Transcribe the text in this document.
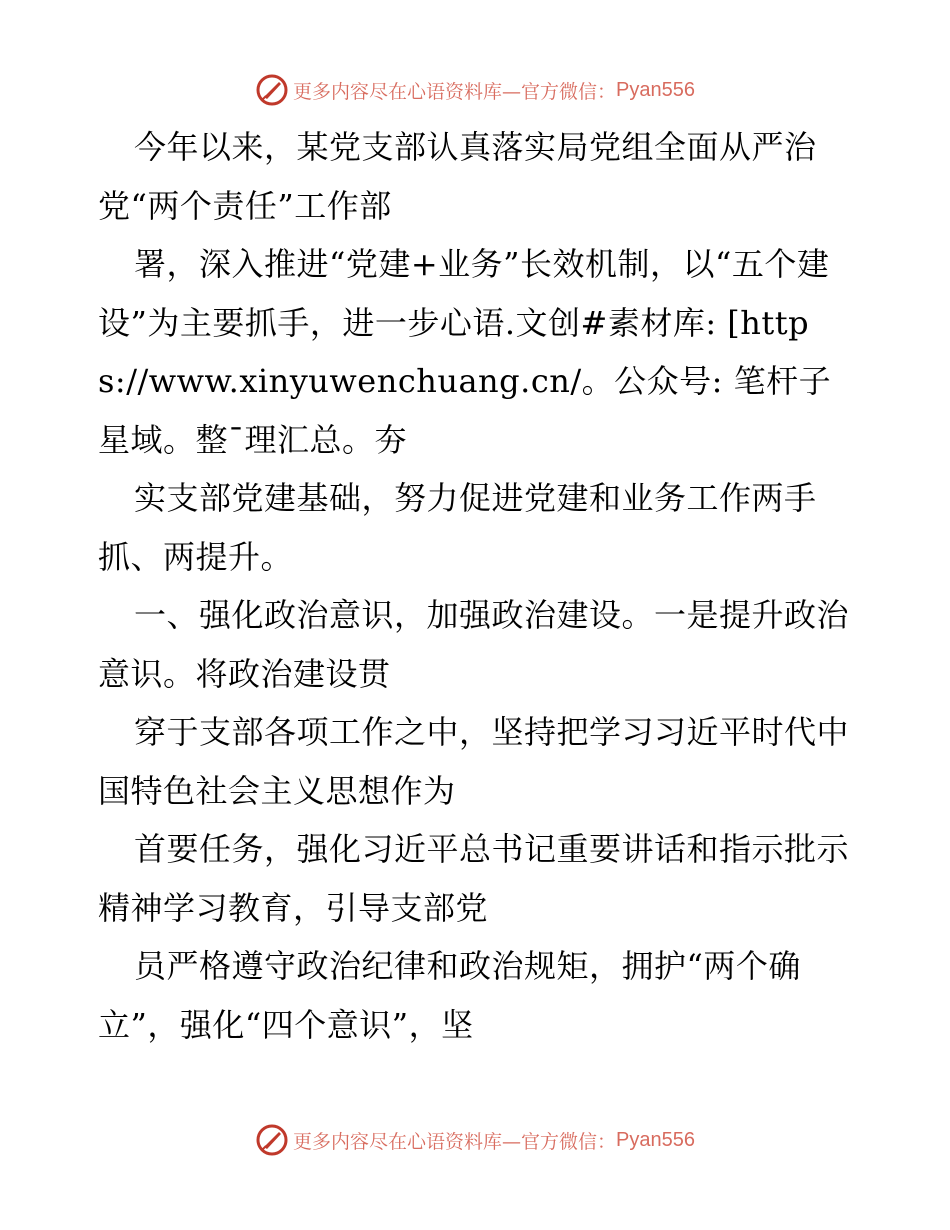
更多内容尽在心语资料库—官方微信： Pyan556

今年以来，某党支部认真落实局党组全面从严治党“两个责任”工作部

署，深入推进“党建+业务”长效机制，以“五个建设”为主要抓手，进一步心语.文创#素材库: [https://www.xinyuwenchuang.cn/。公众号: 笔杆子星域。整¯理汇总。夯

实支部党建基础，努力促进党建和业务工作两手抓、两提升。

一、强化政治意识，加强政治建设。一是提升政治意识。将政治建设贯

穿于支部各项工作之中，坚持把学习习近平时代中国特色社会主义思想作为

首要任务，强化习近平总书记重要讲话和指示批示精神学习教育，引导支部党

员严格遵守政治纪律和政治规矩，拥护“两个确立”，强化“四个意识”，坚

更多内容尽在心语资料库—官方微信： Pyan556
